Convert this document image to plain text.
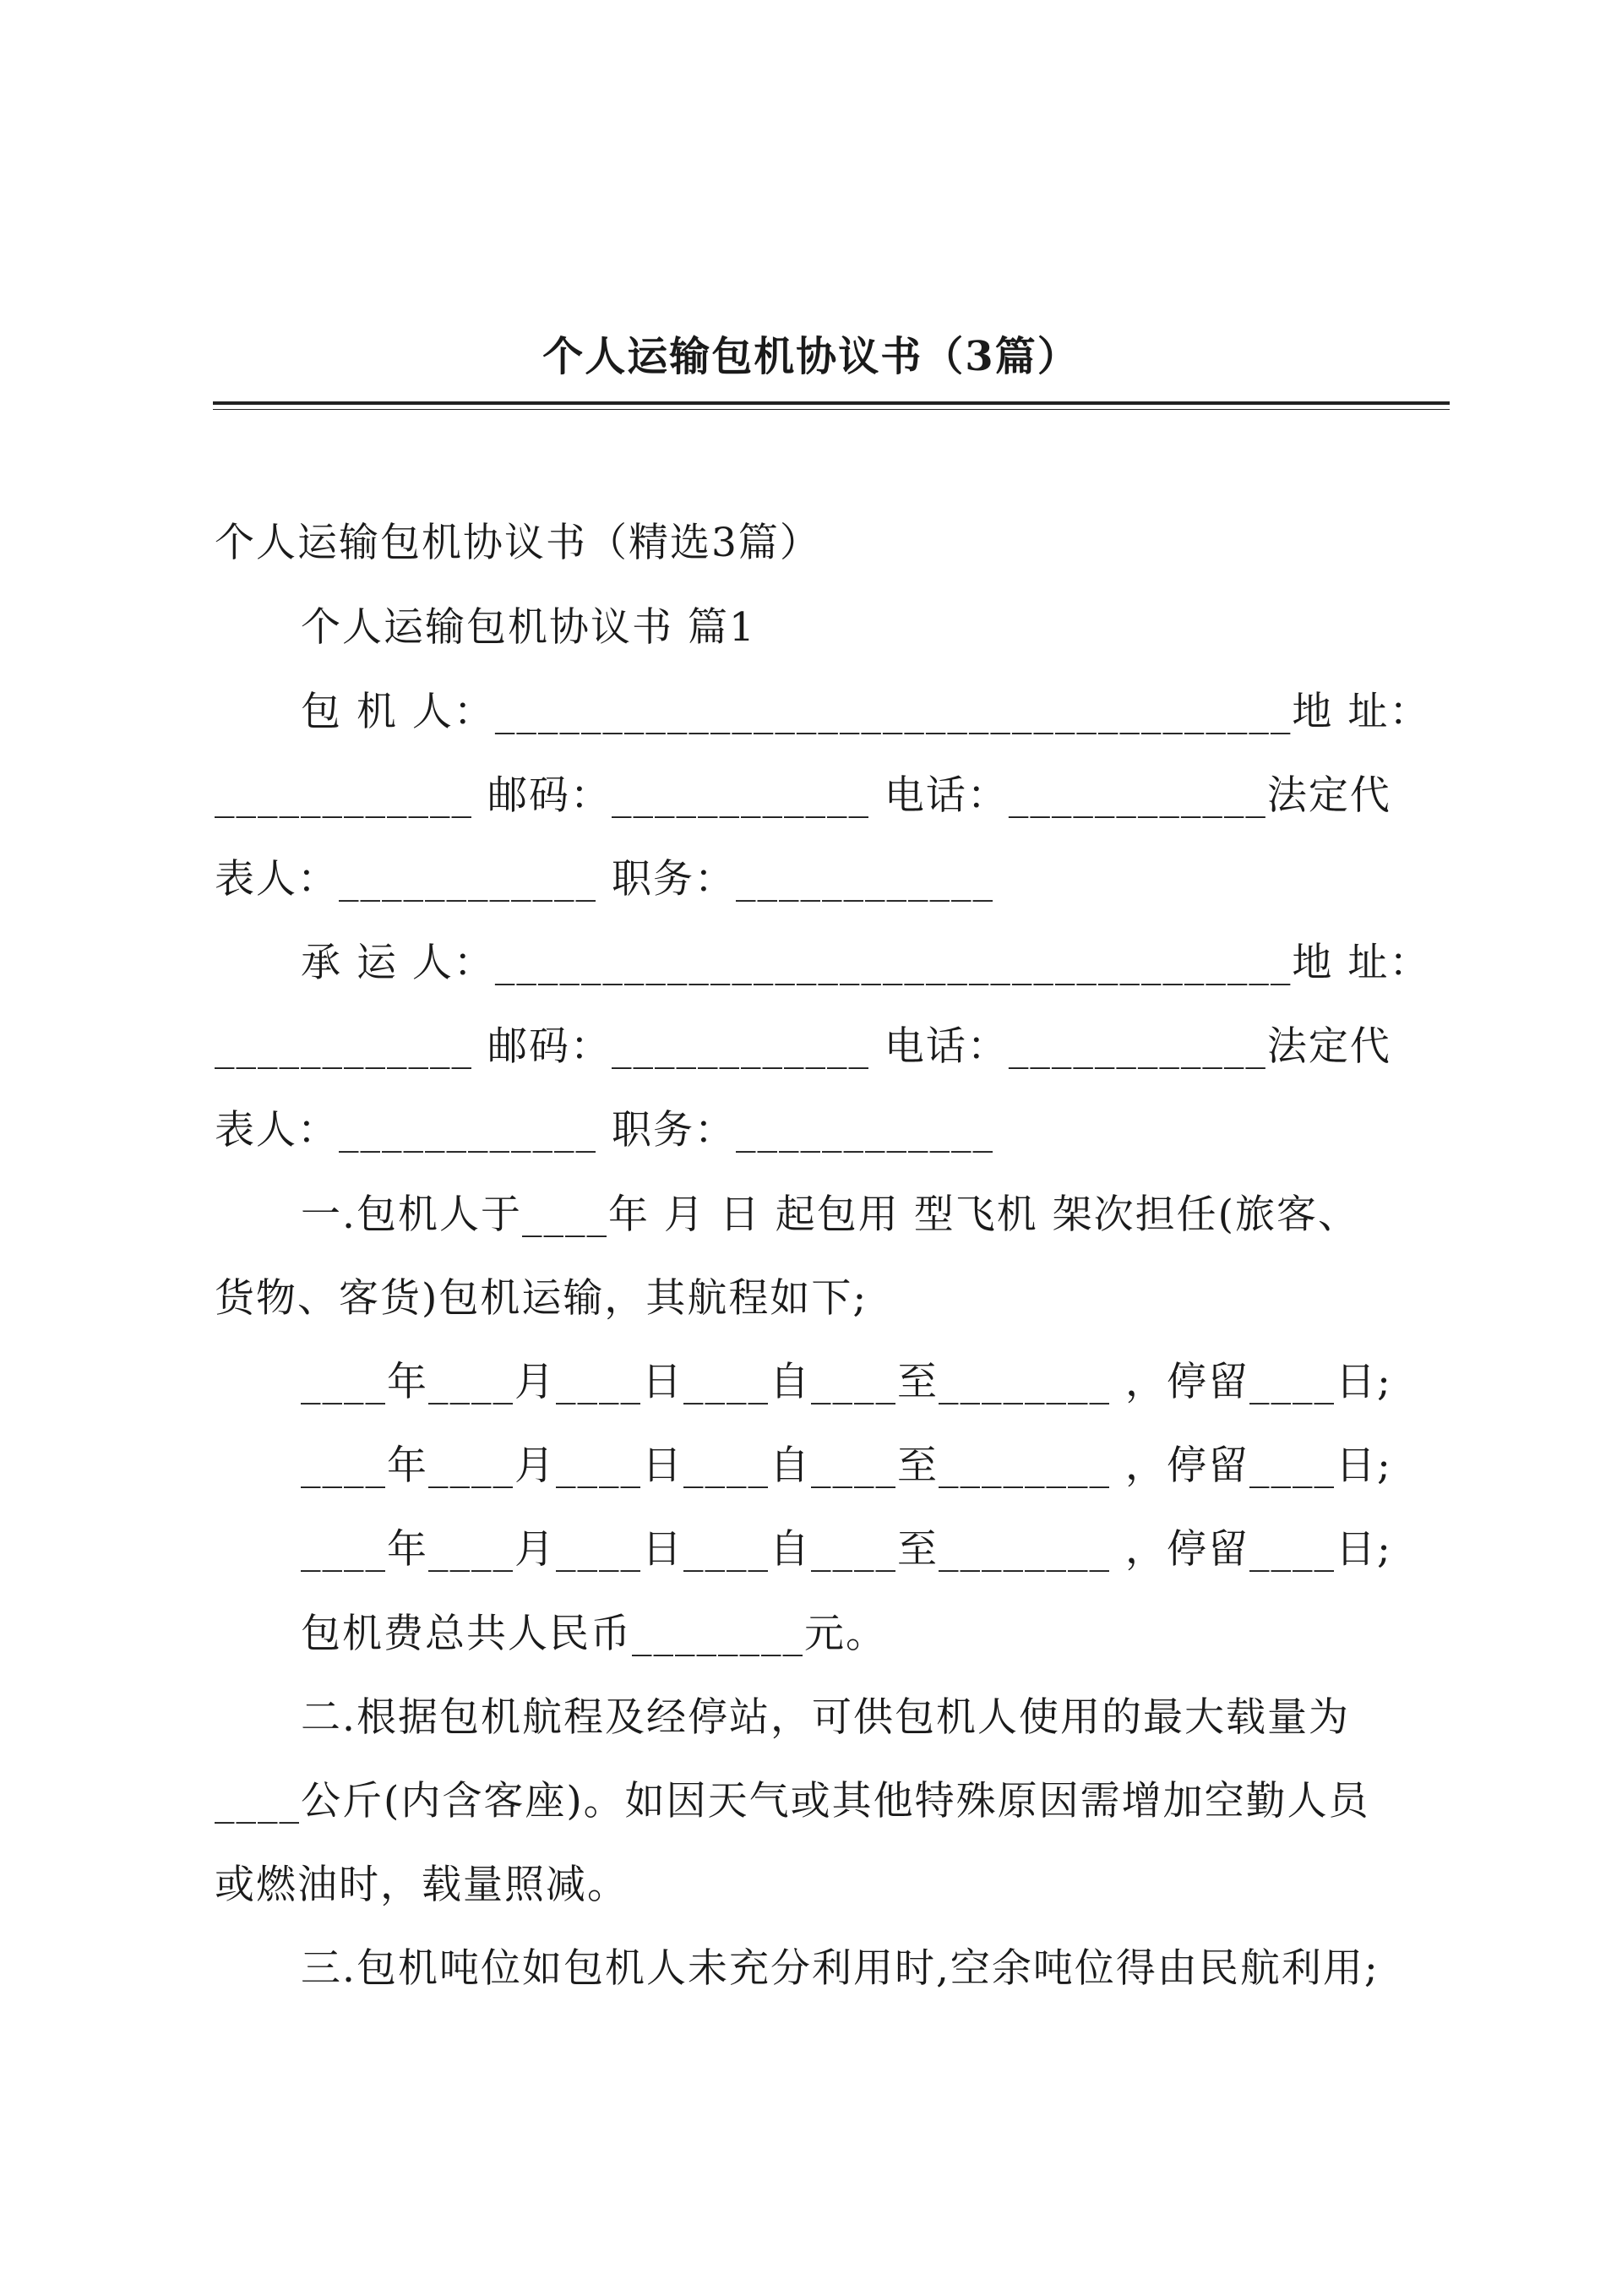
个人运输包机协议书（3篇）
个人运输包机协议书（精选3篇）
个人运输包机协议书 篇1
包 机 人：_____________________________________地 址：
____________ 邮码：____________ 电话：____________法定代
表人：____________ 职务：____________
承 运 人：_____________________________________地 址：
____________ 邮码：____________ 电话：____________法定代
表人：____________ 职务：____________
一.包机人于____年 月 日 起包用 型飞机 架次担任(旅客、
货物、客货)包机运输，其航程如下;
____年____月____日____自____至________ ，停留____日;
____年____月____日____自____至________ ，停留____日;
____年____月____日____自____至________ ，停留____日;
包机费总共人民币________元。
二.根据包机航程及经停站，可供包机人使用的最大载量为
____公斤(内含客座)。如因天气或其他特殊原因需增加空勤人员
或燃油时，载量照减。
三.包机吨位如包机人未充分利用时,空余吨位得由民航利用;
